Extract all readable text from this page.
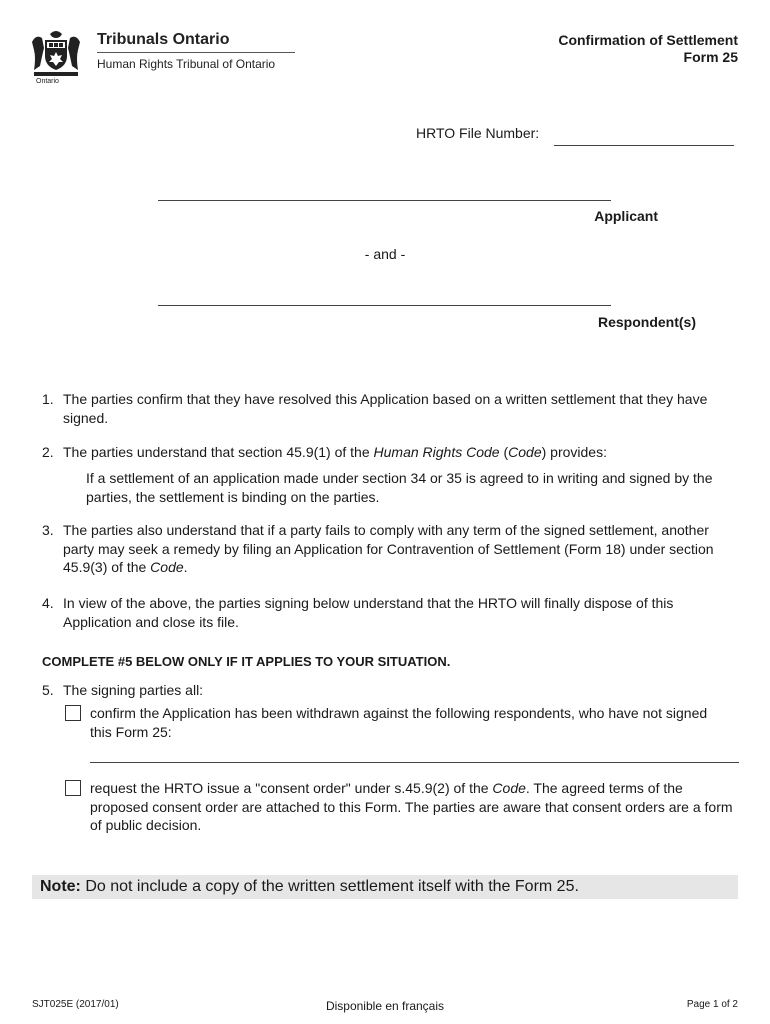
Ontario
Tribunals Ontario
Human Rights Tribunal of Ontario
Confirmation of Settlement
Form 25
HRTO File Number:
Applicant
- and -
Respondent(s)
1. The parties confirm that they have resolved this Application based on a written settlement that they have signed.
2. The parties understand that section 45.9(1) of the Human Rights Code (Code) provides:
If a settlement of an application made under section 34 or 35 is agreed to in writing and signed by the parties, the settlement is binding on the parties.
3. The parties also understand that if a party fails to comply with any term of the signed settlement, another party may seek a remedy by filing an Application for Contravention of Settlement (Form 18) under section 45.9(3) of the Code.
4. In view of the above, the parties signing below understand that the HRTO will finally dispose of this Application and close its file.
COMPLETE #5 BELOW ONLY IF IT APPLIES TO YOUR SITUATION.
5. The signing parties all:
confirm the Application has been withdrawn against the following respondents, who have not signed this Form 25:
request the HRTO issue a "consent order" under s.45.9(2) of the Code. The agreed terms of the proposed consent order are attached to this Form. The parties are aware that consent orders are a form of public decision.
Note: Do not include a copy of the written settlement itself with the Form 25.
SJT025E (2017/01)	Disponible en français	Page 1 of 2
